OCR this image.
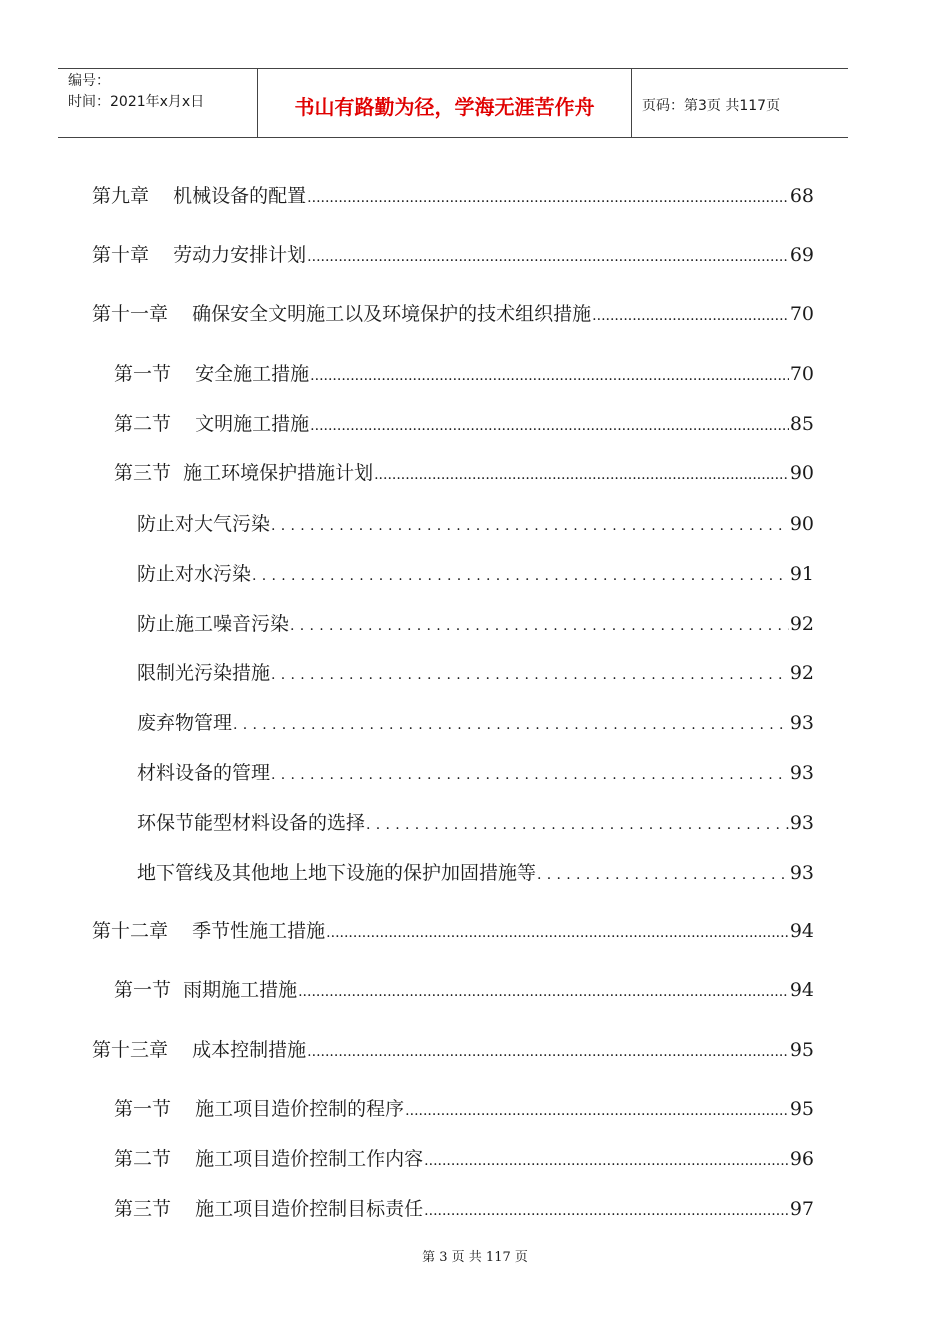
编号：
时间：2021年x月x日	书山有路勤为径，学海无涯苦作舟	页码：第3页 共117页
第九章    机械设备的配置 .....	68
第十章    劳动力安排计划 .....	69
第十一章    确保安全文明施工以及环境保护的技术组织措施 .....	70
第一节    安全施工措施 .....	70
第二节    文明施工措施 .....	85
第三节  施工环境保护措施计划 .....	90
防止对大气污染 .....	90
防止对水污染 .....	91
防止施工噪音污染 .....	92
限制光污染措施 .....	92
废弃物管理 .....	93
材料设备的管理 .....	93
环保节能型材料设备的选择 .....	93
地下管线及其他地上地下设施的保护加固措施等 .....	93
第十二章    季节性施工措施 .....	94
第一节  雨期施工措施 .....	94
第十三章    成本控制措施 .....	95
第一节    施工项目造价控制的程序 .....	95
第二节    施工项目造价控制工作内容 .....	96
第三节    施工项目造价控制目标责任 .....	97
第 3 页 共 117 页
